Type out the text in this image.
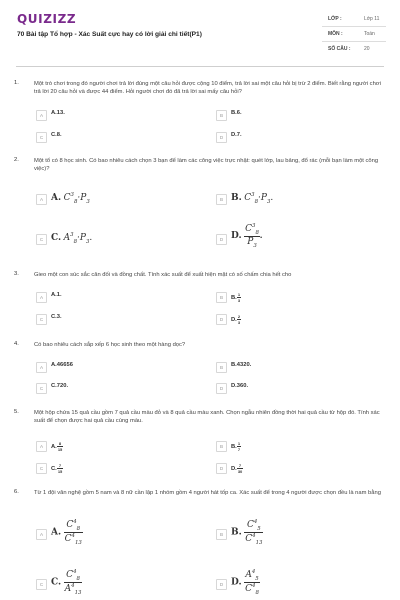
QUIZIZZ
70 Bài tập Tổ hợp - Xác Suất cực hay có lời giải chi tiết(P1)
LỚP :	Lớp 11
MÔN :	Toán
SỐ CÂU :	20
1.	Một trò chơi trong đó người chơi trả lời đúng một câu hỏi được cộng 10 điểm, trả lời sai một câu hỏi bị trừ 2 điểm. Biết rằng người chơi trả lời 20 câu hỏi và được 44 điểm. Hỏi người chơi đó đã trả lời sai mấy câu hỏi?
A	A.13.	B	B.6.
C	C.8.	D	D.7.
2.	Một tổ có 8 học sinh. Có bao nhiêu cách chọn 3 bạn để làm các công việc trực nhật: quét lớp, lau bảng, đổ rác (mỗi bạn làm một công việc)?
A A. $C^3_8\cdot P_3$	B B. $C^3_8\cdot P_3$.
C C. $A^3_8\cdot P_3$.	D D. $\frac{C^3_8}{P_3}$ .
3.	Gieo một con súc sắc cân đối và đồng chất. Tính xác suất để xuất hiện mặt có số chấm chia hết cho
A	A.1.	B	B. $\frac{1}{3}$
C	C.3.	D	D. $\frac{2}{3}$
4.	Có bao nhiêu cách sắp xếp 6 học sinh theo một hàng dọc?
A	A.46656	B	B.4320.
C	C.720.	D	D.360.
5.	Một hộp chứa 15 quả cầu gồm 7 quả cầu màu đỏ và 8 quả cầu màu xanh. Chọn ngẫu nhiên đồng thời hai quả cầu từ hộp đó. Tính xác suất để chọn được hai quả cầu cùng màu.
A	A. $\frac{8}{15}$	B	B. $\frac{1}{7}$
C	C. $\frac{7}{15}$	D	D. $\frac{7}{30}$
6.	Từ 1 đội văn nghệ gồm 5 nam và 8 nữ cần lập 1 nhóm gồm 4 người hát tốp ca. Xác suất để trong 4 người được chọn đều là nam bằng
A A. $\frac{C^4_8}{C^4_{13}}$	B B. $\frac{C^4_5}{C^4_{13}}$
C C. $\frac{C^4_8}{A^4_{13}}$	D D. $\frac{A^4_5}{C^4_8}$
